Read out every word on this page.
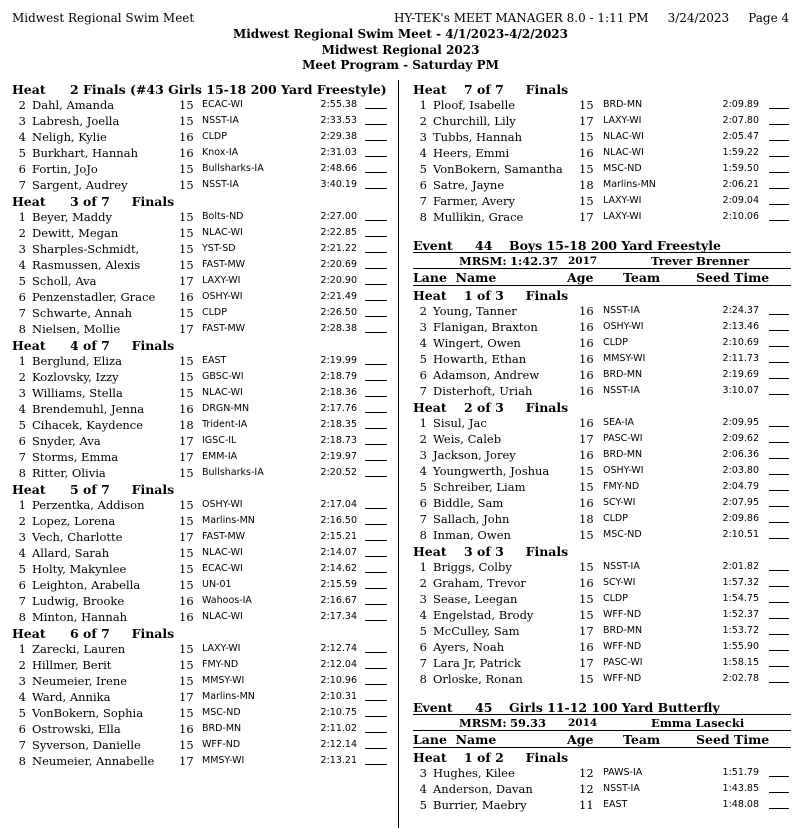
Midwest Regional Swim Meet	HY-TEK's MEET MANAGER 8.0 - 1:11 PM 3/24/2023 Page 4
Midwest Regional Swim Meet - 4/1/2023-4/2/2023
Midwest Regional 2023
Meet Program - Saturday PM
Heat 2 Finals (#43 Girls 15-18 200 Yard Freestyle)
2 Dahl, Amanda	15 ECAC-WI	2:55.38
3 Labresh, Joella	15 NSST-IA	2:33.53
4 Neligh, Kylie	16 CLDP	2:29.38
5 Burkhart, Hannah	16 Knox-IA	2:31.03
6 Fortin, JoJo	15 Bullsharks-IA	2:48.66
7 Sargent, Audrey	15 NSST-IA	3:40.19
Heat 3 of 7     Finals
1 Beyer, Maddy	15 Bolts-ND	2:27.00
2 Dewitt, Megan	15 NLAC-WI	2:22.85
3 Sharples-Schmidt,	15 YST-SD	2:21.22
4 Rasmussen, Alexis	15 FAST-MW	2:20.69
5 Scholl, Ava	17 LAXY-WI	2:20.90
6 Penzenstadler, Grace 16 OSHY-WI	2:21.49
7 Schwarte, Annah	15 CLDP	2:26.50
8 Nielsen, Mollie	17 FAST-MW	2:28.38
Heat 4 of 7     Finals
1 Berglund, Eliza	15 EAST	2:19.99
2 Kozlovsky, Izzy	15 GBSC-WI	2:18.79
3 Williams, Stella	15 NLAC-WI	2:18.36
4 Brendemuhl, Jenna	16 DRGN-MN	2:17.76
5 Cihacek, Kaydence	18 Trident-IA	2:18.35
6 Snyder, Ava	17 IGSC-IL	2:18.73
7 Storms, Emma	17 EMM-IA	2:19.97
8 Ritter, Olivia	15 Bullsharks-IA	2:20.52
Heat 5 of 7     Finals
1 Perzentka, Addison	15 OSHY-WI	2:17.04
2 Lopez, Lorena	15 Marlins-MN	2:16.50
3 Vech, Charlotte	17 FAST-MW	2:15.21
4 Allard, Sarah	15 NLAC-WI	2:14.07
5 Holty, Makynlee	15 ECAC-WI	2:14.62
6 Leighton, Arabella	15 UN-01	2:15.59
7 Ludwig, Brooke	16 Wahoos-IA	2:16.67
8 Minton, Hannah	16 NLAC-WI	2:17.34
Heat 6 of 7     Finals
1 Zarecki, Lauren	15 LAXY-WI	2:12.74
2 Hillmer, Berit	15 FMY-ND	2:12.04
3 Neumeier, Irene	15 MMSY-WI	2:10.96
4 Ward, Annika	17 Marlins-MN	2:10.31
5 VonBokern, Sophia	15 MSC-ND	2:10.75
6 Ostrowski, Ella	16 BRD-MN	2:11.02
7 Syverson, Danielle	15 WFF-ND	2:12.14
8 Neumeier, Annabelle 17 MMSY-WI	2:13.21
Heat 7 of 7     Finals
1 Ploof, Isabelle	15 BRD-MN	2:09.89
2 Churchill, Lily	17 LAXY-WI	2:07.80
3 Tubbs, Hannah	15 NLAC-WI	2:05.47
4 Heers, Emmi	16 NLAC-WI	1:59.22
5 VonBokern, Samantha 15 MSC-ND	1:59.50
6 Satre, Jayne	18 Marlins-MN	2:06.21
7 Farmer, Avery	15 LAXY-WI	2:09.04
8 Mullikin, Grace	17 LAXY-WI	2:10.06
Event 44 Boys 15-18 200 Yard Freestyle
MRSM: 1:42.37 2017	Trever Brenner
Lane  Name	Age Team	Seed Time
Heat 1 of 3     Finals
2 Young, Tanner	16 NSST-IA	2:24.37
3 Flanigan, Braxton	16 OSHY-WI	2:13.46
4 Wingert, Owen	16 CLDP	2:10.69
5 Howarth, Ethan	16 MMSY-WI	2:11.73
6 Adamson, Andrew	16 BRD-MN	2:19.69
7 Disterhoft, Uriah	16 NSST-IA	3:10.07
Heat 2 of 3     Finals
1 Sisul, Jac	16 SEA-IA	2:09.95
2 Weis, Caleb	17 PASC-WI	2:09.62
3 Jackson, Jorey	16 BRD-MN	2:06.36
4 Youngwerth, Joshua	15 OSHY-WI	2:03.80
5 Schreiber, Liam	15 FMY-ND	2:04.79
6 Biddle, Sam	16 SCY-WI	2:07.95
7 Sallach, John	18 CLDP	2:09.86
8 Inman, Owen	15 MSC-ND	2:10.51
Heat 3 of 3     Finals
1 Briggs, Colby	15 NSST-IA	2:01.82
2 Graham, Trevor	16 SCY-WI	1:57.32
3 Sease, Leegan	15 CLDP	1:54.75
4 Engelstad, Brody	15 WFF-ND	1:52.37
5 McCulley, Sam	17 BRD-MN	1:53.72
6 Ayers, Noah	16 WFF-ND	1:55.90
7 Lara Jr, Patrick	17 PASC-WI	1:58.15
8 Orloske, Ronan	15 WFF-ND	2:02.78
Event 45 Girls 11-12 100 Yard Butterfly
MRSM: 59.33 2014	Emma Lasecki
Lane  Name	Age Team	Seed Time
Heat 1 of 2     Finals
3 Hughes, Kilee	12 PAWS-IA	1:51.79
4 Anderson, Davan	12 NSST-IA	1:43.85
5 Burrier, Maebry	11 EAST	1:48.08
